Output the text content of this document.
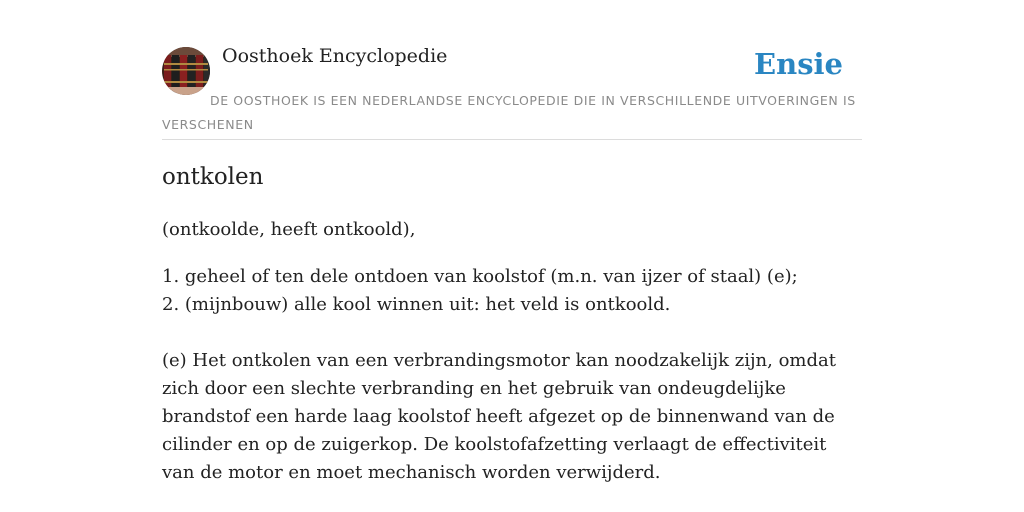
Oosthoek Encyclopedie	Ensie
DE OOSTHOEK IS EEN NEDERLANDSE ENCYCLOPEDIE DIE IN VERSCHILLENDE UITVOERINGEN IS VERSCHENEN
ontkolen

(ontkoolde, heeft ontkoold),

1. geheel of ten dele ontdoen van koolstof (m.n. van ijzer of staal) (e);
2. (mijnbouw) alle kool winnen uit: het veld is ontkoold.

(e) Het ontkolen van een verbrandingsmotor kan noodzakelijk zijn, omdat zich door een slechte verbranding en het gebruik van ondeugdelijke brandstof een harde laag koolstof heeft afgezet op de binnenwand van de cilinder en op de zuigerkop. De koolstofafzetting verlaagt de effectiviteit van de motor en moet mechanisch worden verwijderd.
